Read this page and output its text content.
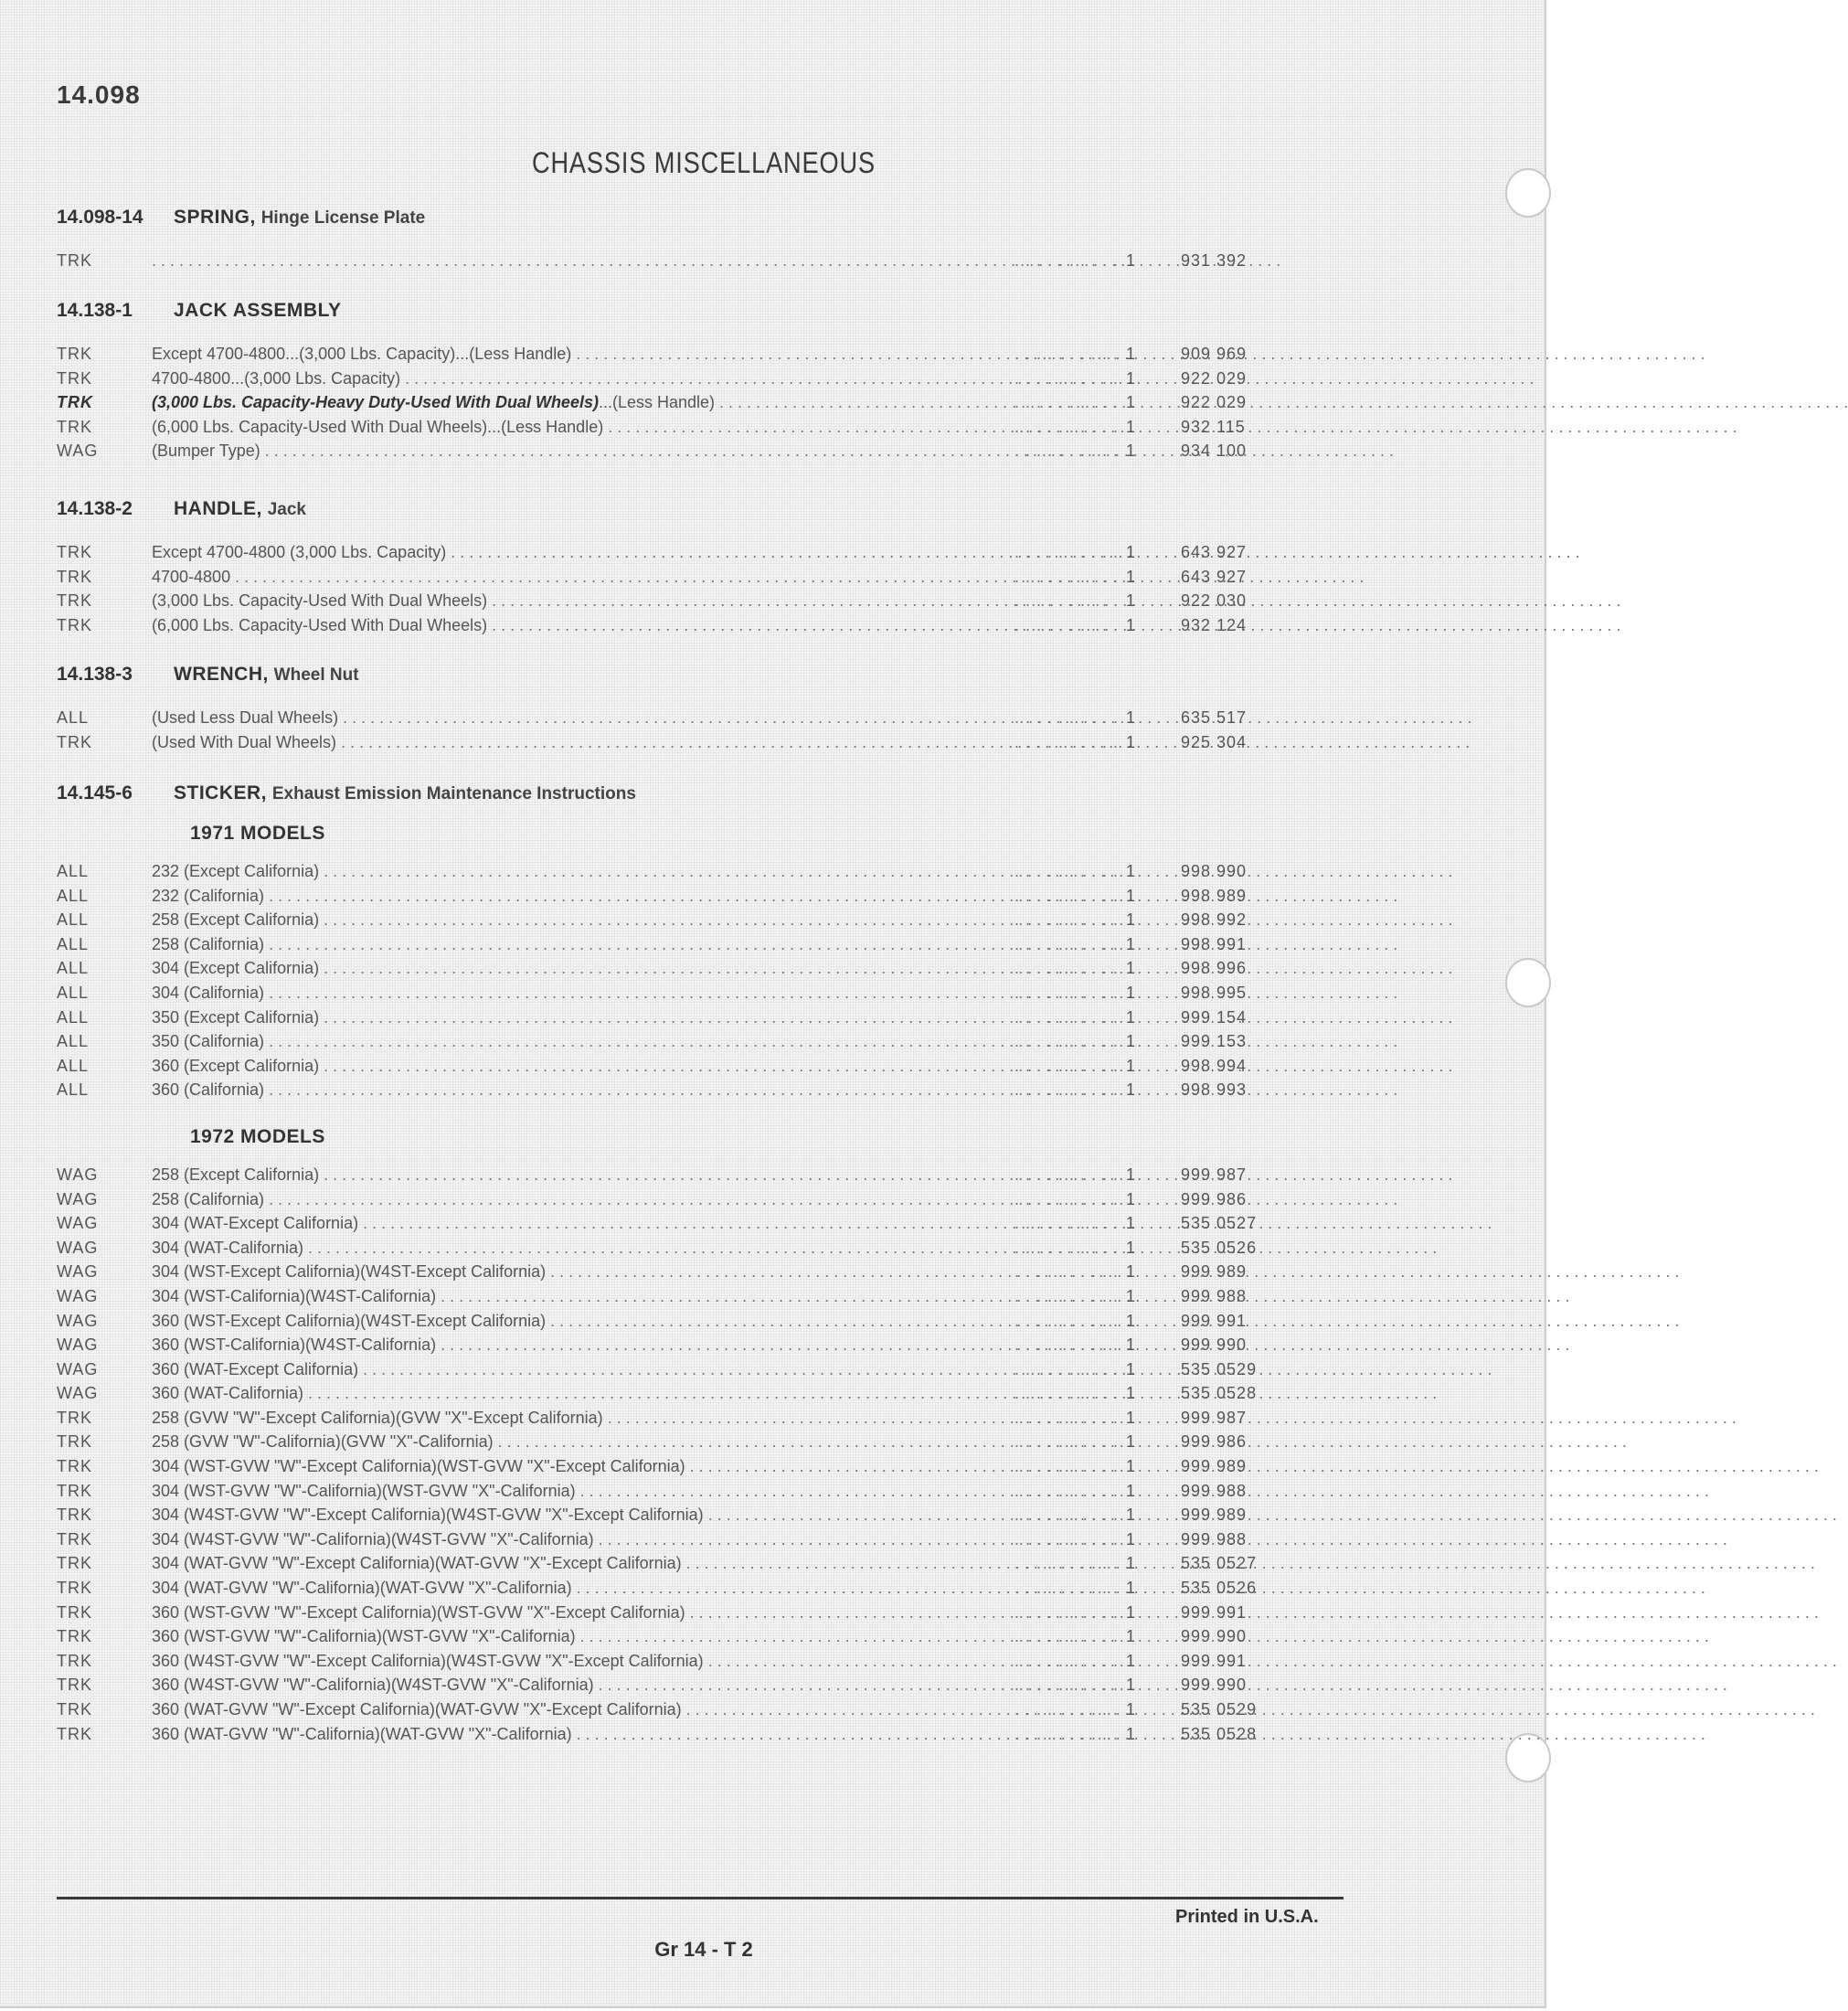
14.098
CHASSIS MISCELLANEOUS
14.098-14 SPRING, Hinge License Plate
TRK
. . .	. . . . . . . . . . 1	931 392
14.138-1 JACK ASSEMBLY
TRK	Except 4700-4800...(3,000 Lbs. Capacity)...(Less Handle) . . .	. . . . . . . . . . 1	909 969
TRK	4700-4800...(3,000 Lbs. Capacity) . . .	. . . . . . . . . . 1	922 029
TRK	(3,000 Lbs. Capacity-Heavy Duty-Used With Dual Wheels)...(Less Handle) . . .	. . . . . . . . . . 1	922 029
TRK	(6,000 Lbs. Capacity-Used With Dual Wheels)...(Less Handle) . . .	. . . . . . . . . . 1	932 115
WAG	(Bumper Type) . . .	. . . . . . . . . . 1	934 100
14.138-2 HANDLE, Jack
TRK	Except 4700-4800 (3,000 Lbs. Capacity) . . .	. . . . . . . . . . 1	643 927
TRK	4700-4800 . . .	. . . . . . . . . . 1	643 927
TRK	(3,000 Lbs. Capacity-Used With Dual Wheels) . . .	. . . . . . . . . . 1	922 030
TRK	(6,000 Lbs. Capacity-Used With Dual Wheels) . . .	. . . . . . . . . . 1	932 124
14.138-3 WRENCH, Wheel Nut
ALL	(Used Less Dual Wheels) . . .	. . . . . . . . . . 1	635 517
TRK	(Used With Dual Wheels) . . .	. . . . . . . . . . 1	925 304
14.145-6 STICKER, Exhaust Emission Maintenance Instructions
1971 MODELS
ALL	232 (Except California) . . .	. . . . . . . . . . 1	998 990
ALL	232 (California) . . .	. . . . . . . . . . 1	998 989
ALL	258 (Except California) . . .	. . . . . . . . . . 1	998 992
ALL	258 (California) . . .	. . . . . . . . . . 1	998 991
ALL	304 (Except California) . . .	. . . . . . . . . . 1	998 996
ALL	304 (California) . . .	. . . . . . . . . . 1	998 995
ALL	350 (Except California) . . .	. . . . . . . . . . 1	999 154
ALL	350 (California) . . .	. . . . . . . . . . 1	999 153
ALL	360 (Except California) . . .	. . . . . . . . . . 1	998 994
ALL	360 (California) . . .	. . . . . . . . . . 1	998 993
1972 MODELS
WAG	258 (Except California) . . .	. . . . . . . . . . 1	999 987
WAG	258 (California) . . .	. . . . . . . . . . 1	999 986
WAG	304 (WAT-Except California) . . .	. . . . . . . . . . 1	535 0527
WAG	304 (WAT-California) . . .	. . . . . . . . . . 1	535 0526
WAG	304 (WST-Except California)(W4ST-Except California) . . .	. . . . . . . . . . 1	999 989
WAG	304 (WST-California)(W4ST-California) . . .	. . . . . . . . . . 1	999 988
WAG	360 (WST-Except California)(W4ST-Except California) . . .	. . . . . . . . . . 1	999 991
WAG	360 (WST-California)(W4ST-California) . . .	. . . . . . . . . . 1	999 990
WAG	360 (WAT-Except California) . . .	. . . . . . . . . . 1	535 0529
WAG	360 (WAT-California) . . .	. . . . . . . . . . 1	535 0528
TRK	258 (GVW "W"-Except California)(GVW "X"-Except California) . . .	. . . . . . . . . . 1	999 987
TRK	258 (GVW "W"-California)(GVW "X"-California) . . .	. . . . . . . . . . 1	999 986
TRK	304 (WST-GVW "W"-Except California)(WST-GVW "X"-Except California) . . .	. . . . . . . . . . 1	999 989
TRK	304 (WST-GVW "W"-California)(WST-GVW "X"-California) . . .	. . . . . . . . . . 1	999 988
TRK	304 (W4ST-GVW "W"-Except California)(W4ST-GVW "X"-Except California) . . .	. . . . . . . . . . 1	999 989
TRK	304 (W4ST-GVW "W"-California)(W4ST-GVW "X"-California) . . .	. . . . . . . . . . 1	999 988
TRK	304 (WAT-GVW "W"-Except California)(WAT-GVW "X"-Except California) . . .	. . . . . . . . . . 1	535 0527
TRK	304 (WAT-GVW "W"-California)(WAT-GVW "X"-California) . . .	. . . . . . . . . . 1	535 0526
TRK	360 (WST-GVW "W"-Except California)(WST-GVW "X"-Except California) . . .	. . . . . . . . . . 1	999 991
TRK	360 (WST-GVW "W"-California)(WST-GVW "X"-California) . . .	. . . . . . . . . . 1	999 990
TRK	360 (W4ST-GVW "W"-Except California)(W4ST-GVW "X"-Except California) . . .	. . . . . . . . . . 1	999 991
TRK	360 (W4ST-GVW "W"-California)(W4ST-GVW "X"-California) . . .	. . . . . . . . . . 1	999 990
TRK	360 (WAT-GVW "W"-Except California)(WAT-GVW "X"-Except California) . . .	. . . . . . . . . . 1	535 0529
TRK	360 (WAT-GVW "W"-California)(WAT-GVW "X"-California) . . .	. . . . . . . . . . 1	535 0528
Printed in U.S.A.
Gr 14 - T 2
